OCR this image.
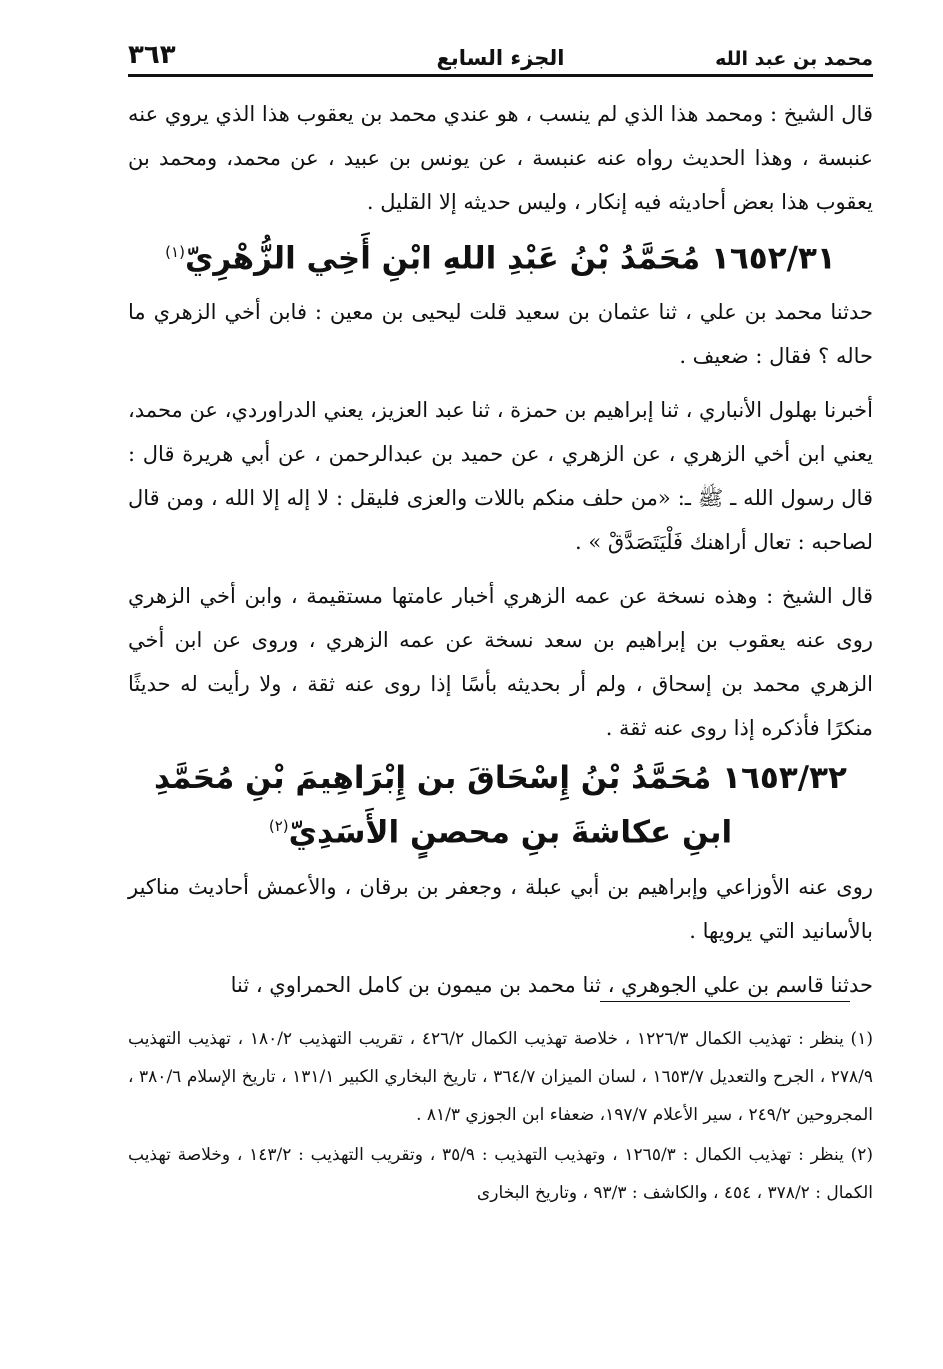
محمد بن عبد الله
الجزء السابع
٣٦٣

قال الشيخ : ومحمد هذا الذي لم ينسب ، هو عندي محمد بن يعقوب هذا الذي يروي عنه عنبسة ، وهذا الحديث رواه عنه عنبسة ، عن يونس بن عبيد ، عن محمد، ومحمد بن يعقوب هذا بعض أحاديثه فيه إنكار ، وليس حديثه إلا القليل .

١٦٥٢/٣١ مُحَمَّدُ بْنُ عَبْدِ اللهِ ابْنِ أَخِي الزُّهْرِيّ$^{(١)}$

حدثنا محمد بن علي ، ثنا عثمان بن سعيد قلت ليحيى بن معين : فابن أخي الزهري ما حاله ؟ فقال : ضعيف .

أخبرنا بهلول الأنباري ، ثنا إبراهيم بن حمزة ، ثنا عبد العزيز، يعني الدراوردي، عن محمد، يعني ابن أخي الزهري ، عن الزهري ، عن حميد بن عبدالرحمن ، عن أبي هريرة قال : قال رسول الله ـ ﷺ ـ: «من حلف منكم باللات والعزى فليقل : لا إله إلا الله ، ومن قال لصاحبه : تعال أراهنك فَلْيَتَصَدَّقْ » .

قال الشيخ : وهذه نسخة عن عمه الزهري أخبار عامتها مستقيمة ، وابن أخي الزهري روى عنه يعقوب بن إبراهيم بن سعد نسخة عن عمه الزهري ، وروى عن ابن أخي الزهري محمد بن إسحاق ، ولم أر بحديثه بأسًا إذا روى عنه ثقة ، ولا رأيت له حديثًا منكرًا فأذكره إذا روى عنه ثقة .

١٦٥٣/٣٢ مُحَمَّدُ بْنُ إِسْحَاقَ بن إِبْرَاهِيمَ بْنِ مُحَمَّدِ
ابنِ عكاشةَ بنِ محصنٍ الأَسَدِيّ$^{(٢)}$

روى عنه الأوزاعي وإبراهيم بن أبي عبلة ، وجعفر بن برقان ، والأعمش أحاديث مناكير بالأسانيد التي يرويها .

حدثنا قاسم بن علي الجوهري ، ثنا محمد بن ميمون بن كامل الحمراوي ، ثنا

(١) ينظر : تهذيب الكمال ١٢٢٦/٣ ، خلاصة تهذيب الكمال ٤٢٦/٢ ، تقريب التهذيب ١٨٠/٢ ، تهذيب التهذيب ٢٧٨/٩ ، الجرح والتعديل ١٦٥٣/٧ ، لسان الميزان ٣٦٤/٧ ، تاريخ البخاري الكبير ١٣١/١ ، تاريخ الإسلام ٣٨٠/٦ ، المجروحين ٢٤٩/٢ ، سير الأعلام ١٩٧/٧، ضعفاء ابن الجوزي ٨١/٣ .

(٢) ينظر : تهذيب الكمال : ١٢٦٥/٣ ، وتهذيب التهذيب : ٣٥/٩ ، وتقريب التهذيب : ١٤٣/٢ ، وخلاصة تهذيب الكمال : ٣٧٨/٢ ، ٤٥٤ ، والكاشف : ٩٣/٣ ، وتاريخ البخارى
